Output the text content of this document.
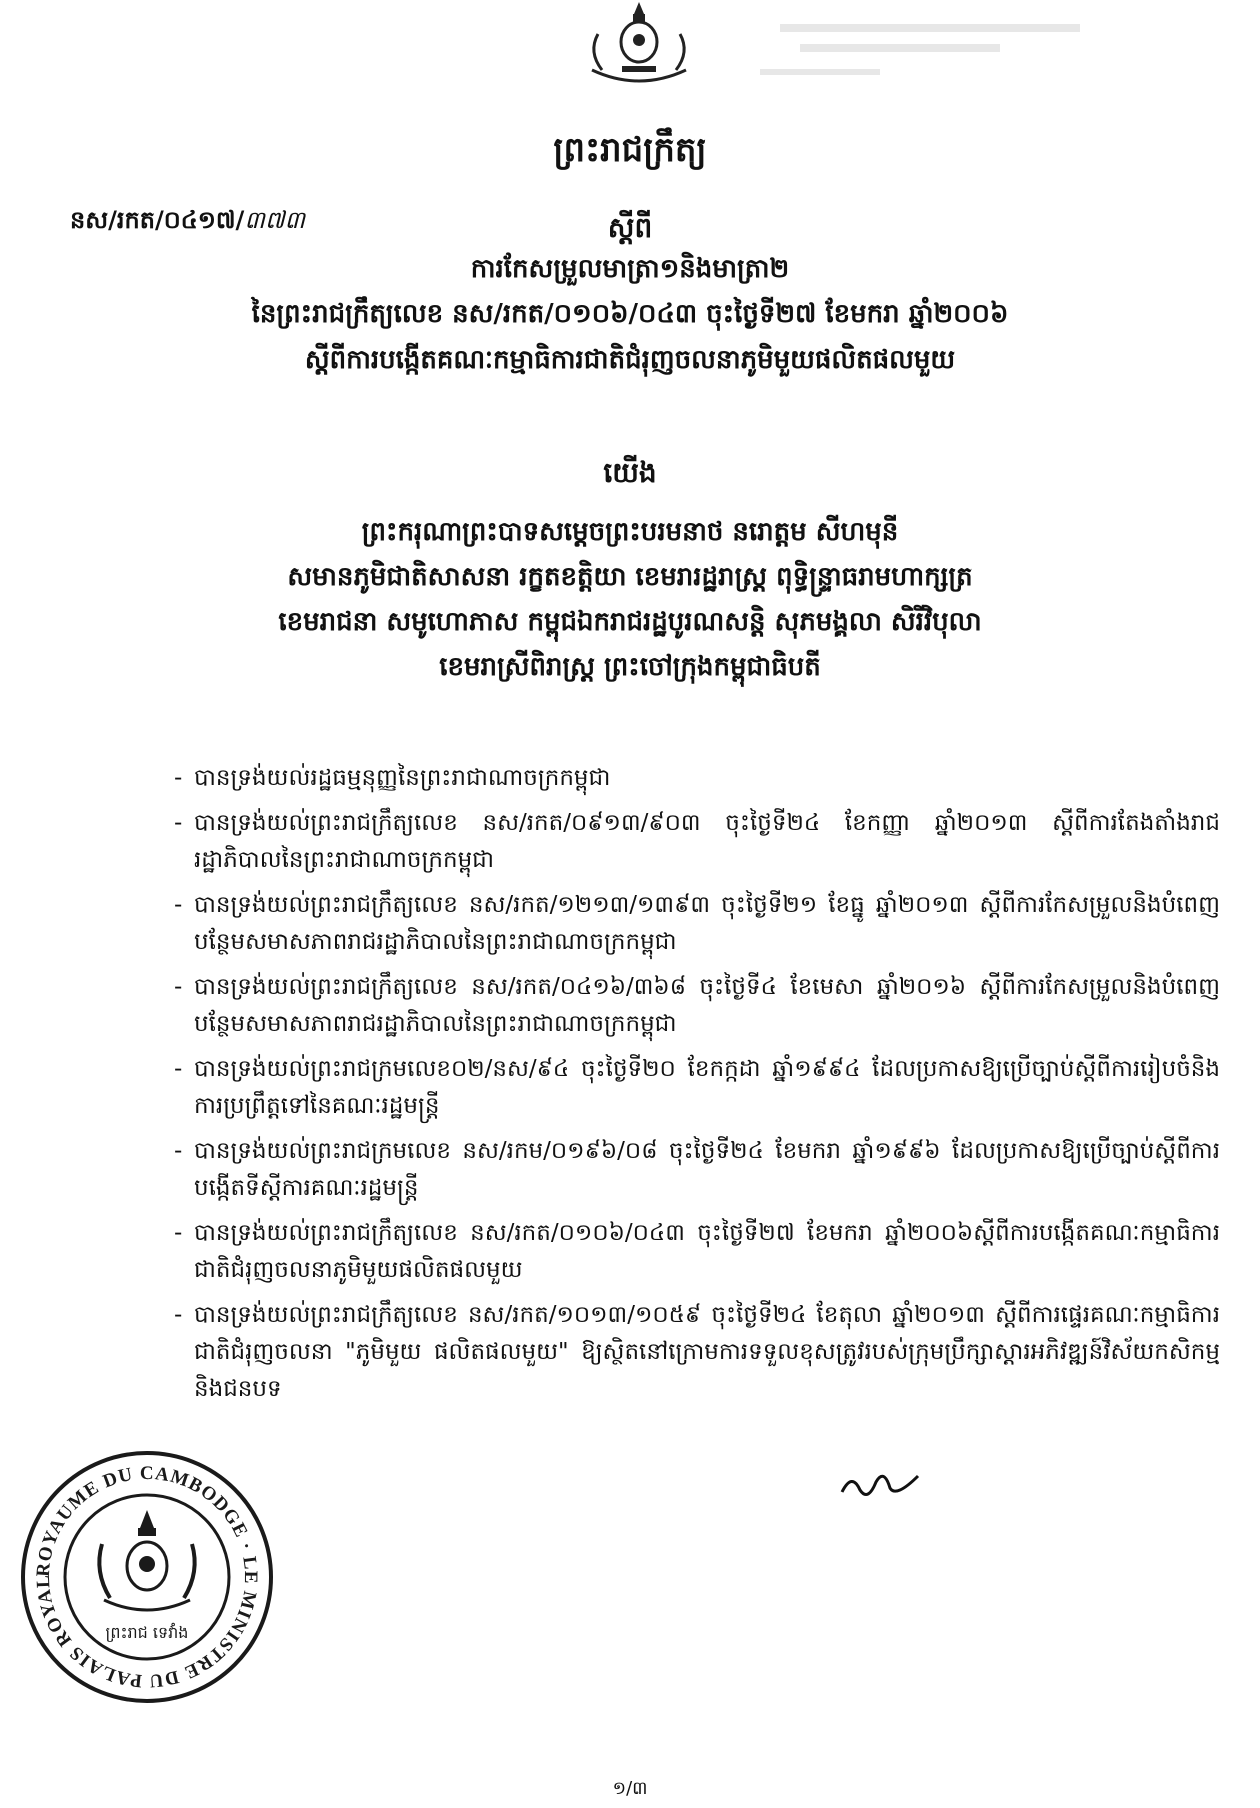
ព្រះរាជក្រឹត្យ
នស/រកត/០៤១៧/៣៧៣	ស្តីពី
ការកែសម្រួលមាត្រា១និងមាត្រា២
នៃព្រះរាជក្រឹត្យលេខ នស/រកត/០១០៦/០៤៣ ចុះថ្ងៃទី២៧ ខែមករា ឆ្នាំ២០០៦
ស្តីពីការបង្កើតគណៈកម្មាធិការជាតិជំរុញចលនាភូមិមួយផលិតផលមួយ
យើង
ព្រះករុណាព្រះបាទសម្តេចព្រះបរមនាថ នរោត្តម សីហមុនី
សមានភូមិជាតិសាសនា រក្ខតខត្តិយា ខេមរារដ្ឋរាស្ត្រ ពុទ្ធិន្ទ្រាធរាមហាក្សត្រ
ខេមរាជនា សមូហោភាស កម្ពុជឯករាជរដ្ឋបូរណសន្តិ សុភមង្គលា សិរីវិបុលា
ខេមរាស្រីពិរាស្ត្រ ព្រះចៅក្រុងកម្ពុជាធិបតី
- បានទ្រង់យល់រដ្ឋធម្មនុញ្ញនៃព្រះរាជាណាចក្រកម្ពុជា
- បានទ្រង់យល់ព្រះរាជក្រឹត្យលេខ នស/រកត/០៩១៣/៩០៣ ចុះថ្ងៃទី២៤ ខែកញ្ញា ឆ្នាំ២០១៣ ស្តីពីការតែងតាំងរាជរដ្ឋាភិបាលនៃព្រះរាជាណាចក្រកម្ពុជា
- បានទ្រង់យល់ព្រះរាជក្រឹត្យលេខ នស/រកត/១២១៣/១៣៩៣ ចុះថ្ងៃទី២១ ខែធ្នូ ឆ្នាំ២០១៣ ស្តីពីការកែសម្រួលនិងបំពេញបន្ថែមសមាសភាពរាជរដ្ឋាភិបាលនៃព្រះរាជាណាចក្រកម្ពុជា
- បានទ្រង់យល់ព្រះរាជក្រឹត្យលេខ នស/រកត/០៤១៦/៣៦៨ ចុះថ្ងៃទី៤ ខែមេសា ឆ្នាំ២០១៦ ស្តីពីការកែសម្រួលនិងបំពេញបន្ថែមសមាសភាពរាជរដ្ឋាភិបាលនៃព្រះរាជាណាចក្រកម្ពុជា
- បានទ្រង់យល់ព្រះរាជក្រមលេខ០២/នស/៩៤ ចុះថ្ងៃទី២០ ខែកក្កដា ឆ្នាំ១៩៩៤ ដែលប្រកាសឱ្យប្រើច្បាប់ស្តីពីការរៀបចំនិងការប្រព្រឹត្តទៅនៃគណៈរដ្ឋមន្ត្រី
- បានទ្រង់យល់ព្រះរាជក្រមលេខ នស/រកម/០១៩៦/០៨ ចុះថ្ងៃទី២៤ ខែមករា ឆ្នាំ១៩៩៦ ដែលប្រកាសឱ្យប្រើច្បាប់ស្តីពីការបង្កើតទីស្តីការគណៈរដ្ឋមន្ត្រី
- បានទ្រង់យល់ព្រះរាជក្រឹត្យលេខ នស/រកត/០១០៦/០៤៣ ចុះថ្ងៃទី២៧ ខែមករា ឆ្នាំ២០០៦ស្តីពីការបង្កើតគណៈកម្មាធិការជាតិជំរុញចលនាភូមិមួយផលិតផលមួយ
- បានទ្រង់យល់ព្រះរាជក្រឹត្យលេខ នស/រកត/១០១៣/១០៥៩ ចុះថ្ងៃទី២៤ ខែតុលា ឆ្នាំ២០១៣ ស្តីពីការផ្ទេរគណៈកម្មាធិការជាតិជំរុញចលនា "ភូមិមួយ ផលិតផលមួយ" ឱ្យស្ថិតនៅក្រោមការទទួលខុសត្រូវរបស់ក្រុមប្រឹក្សាស្តារអភិវឌ្ឍន៍វិស័យកសិកម្មនិងជនបទ
ROYAUME DU CAMBODGE · LE MINISTRE DU PALAIS ROYAL
ព្រះរាជ ទេវាំង
១/៣
